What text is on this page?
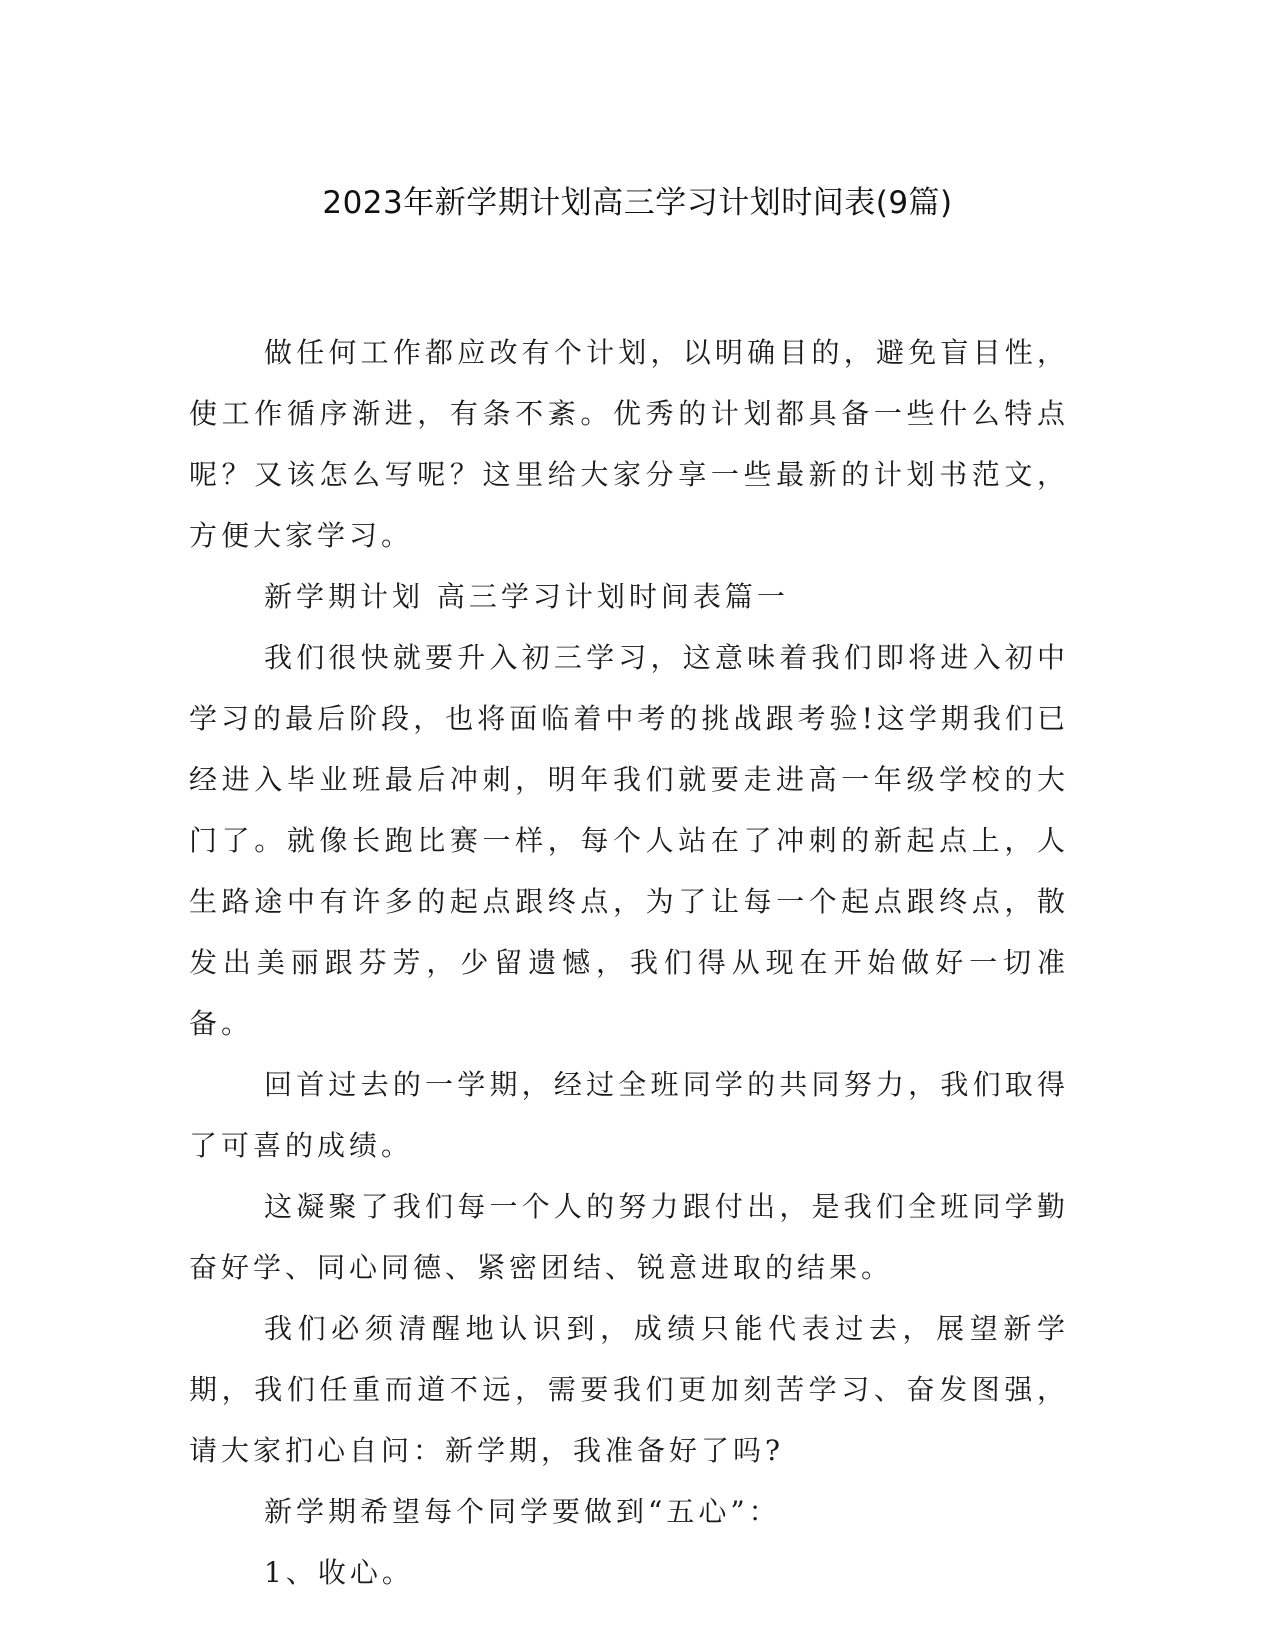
2023年新学期计划高三学习计划时间表(9篇)

做任何工作都应改有个计划，以明确目的，避免盲目性，使工作循序渐进，有条不紊。优秀的计划都具备一些什么特点呢？又该怎么写呢？这里给大家分享一些最新的计划书范文，方便大家学习。

新学期计划 高三学习计划时间表篇一

我们很快就要升入初三学习，这意味着我们即将进入初中学习的最后阶段，也将面临着中考的挑战跟考验!这学期我们已经进入毕业班最后冲刺，明年我们就要走进高一年级学校的大门了。就像长跑比赛一样，每个人站在了冲刺的新起点上，人生路途中有许多的起点跟终点，为了让每一个起点跟终点，散发出美丽跟芬芳，少留遗憾，我们得从现在开始做好一切准备。

回首过去的一学期，经过全班同学的共同努力，我们取得了可喜的成绩。

这凝聚了我们每一个人的努力跟付出，是我们全班同学勤奋好学、同心同德、紧密团结、锐意进取的结果。

我们必须清醒地认识到，成绩只能代表过去，展望新学期，我们任重而道不远，需要我们更加刻苦学习、奋发图强，请大家扪心自问：新学期，我准备好了吗?

新学期希望每个同学要做到“五心”：

1、收心。
